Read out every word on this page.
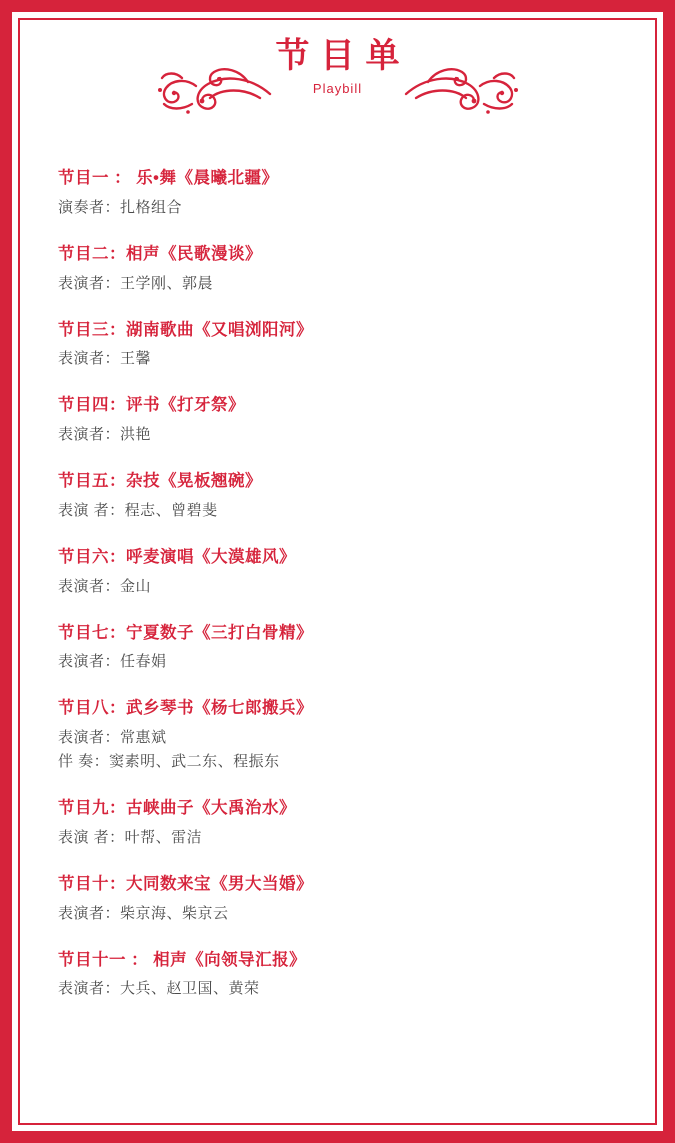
节目单
Playbill
节目一 ： 乐•舞《晨曦北疆》
演奏者：扎格组合
节目二：相声《民歌漫谈》
表演者：王学刚、郭晨
节目三：湖南歌曲《又唱浏阳河》
表演者：王馨
节目四：评书《打牙祭》
表演者：洪艳
节目五：杂技《晃板翘碗》
表演 者：程志、曾碧斐
节目六：呼麦演唱《大漠雄风》
表演者：金山
节目七：宁夏数子《三打白骨精》
表演者：任春娟
节目八：武乡琴书《杨七郎搬兵》
表演者：常惠斌
伴 奏：窦素明、武二东、程振东
节目九：古峡曲子《大禹治水》
表演 者：叶帮、雷洁
节目十：大同数来宝《男大当婚》
表演者：柴京海、柴京云
节目十一 ： 相声《向领导汇报》
表演者：大兵、赵卫国、黄荣
